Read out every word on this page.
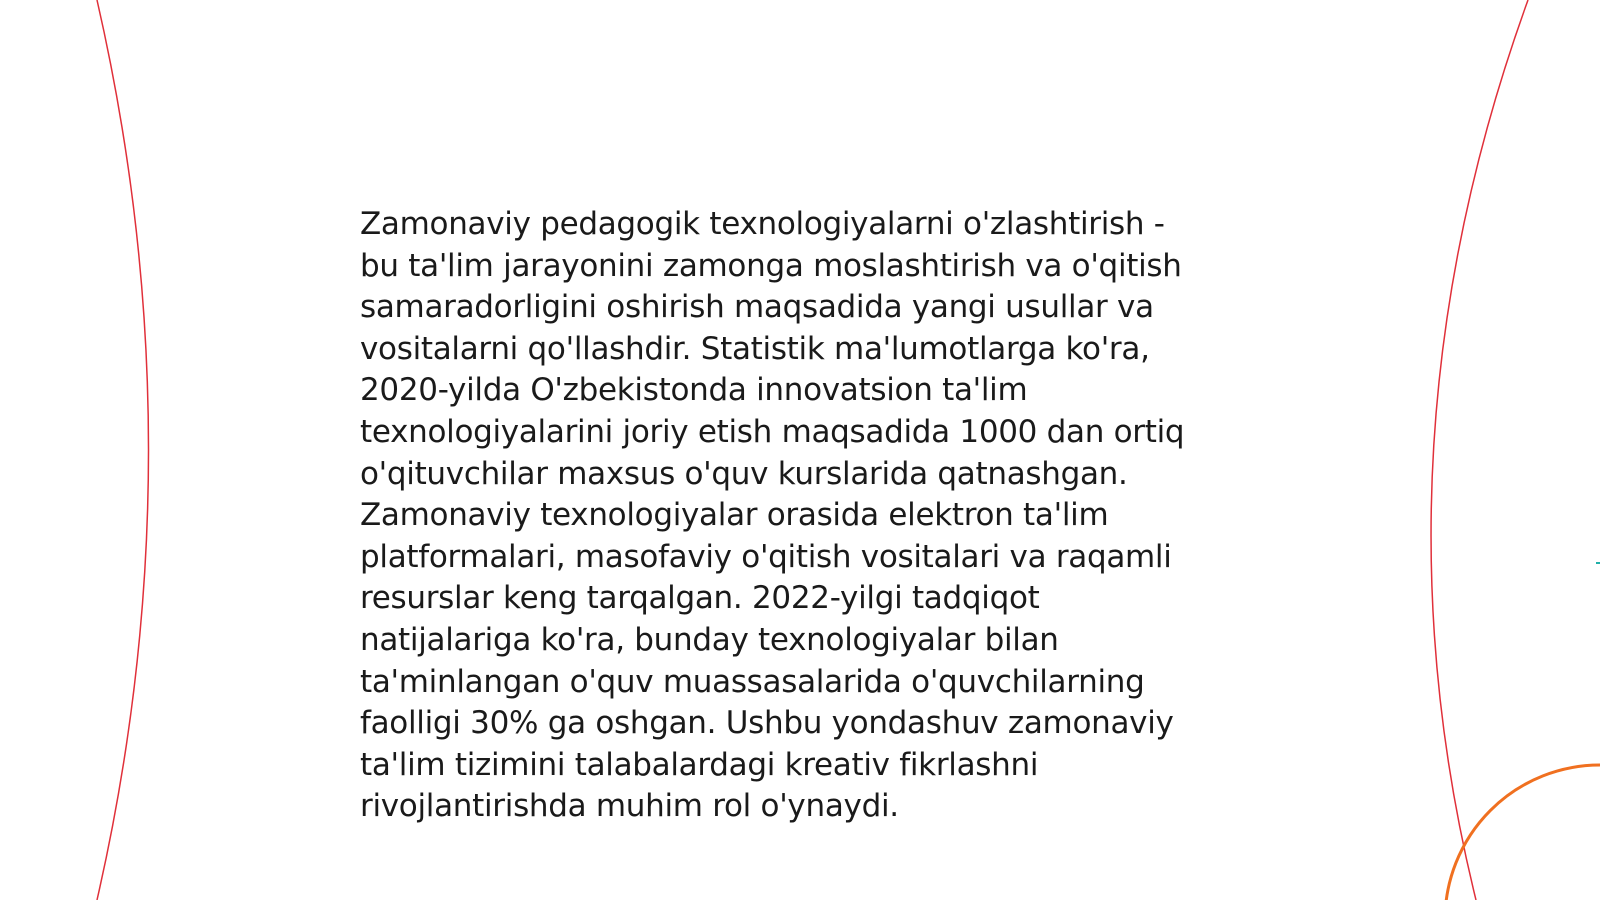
Zamonaviy pedagogik texnologiyalarni o'zlashtirish -
bu ta'lim jarayonini zamonga moslashtirish va o'qitish
samaradorligini oshirish maqsadida yangi usullar va
vositalarni qo'llashdir. Statistik ma'lumotlarga ko'ra,
2020-yilda O'zbekistonda innovatsion ta'lim
texnologiyalarini joriy etish maqsadida 1000 dan ortiq
o'qituvchilar maxsus o'quv kurslarida qatnashgan.
Zamonaviy texnologiyalar orasida elektron ta'lim
platformalari, masofaviy o'qitish vositalari va raqamli
resurslar keng tarqalgan. 2022-yilgi tadqiqot
natijalariga ko'ra, bunday texnologiyalar bilan
ta'minlangan o'quv muassasalarida o'quvchilarning
faolligi 30% ga oshgan. Ushbu yondashuv zamonaviy
ta'lim tizimini talabalardagi kreativ fikrlashni
rivojlantirishda muhim rol o'ynaydi.
